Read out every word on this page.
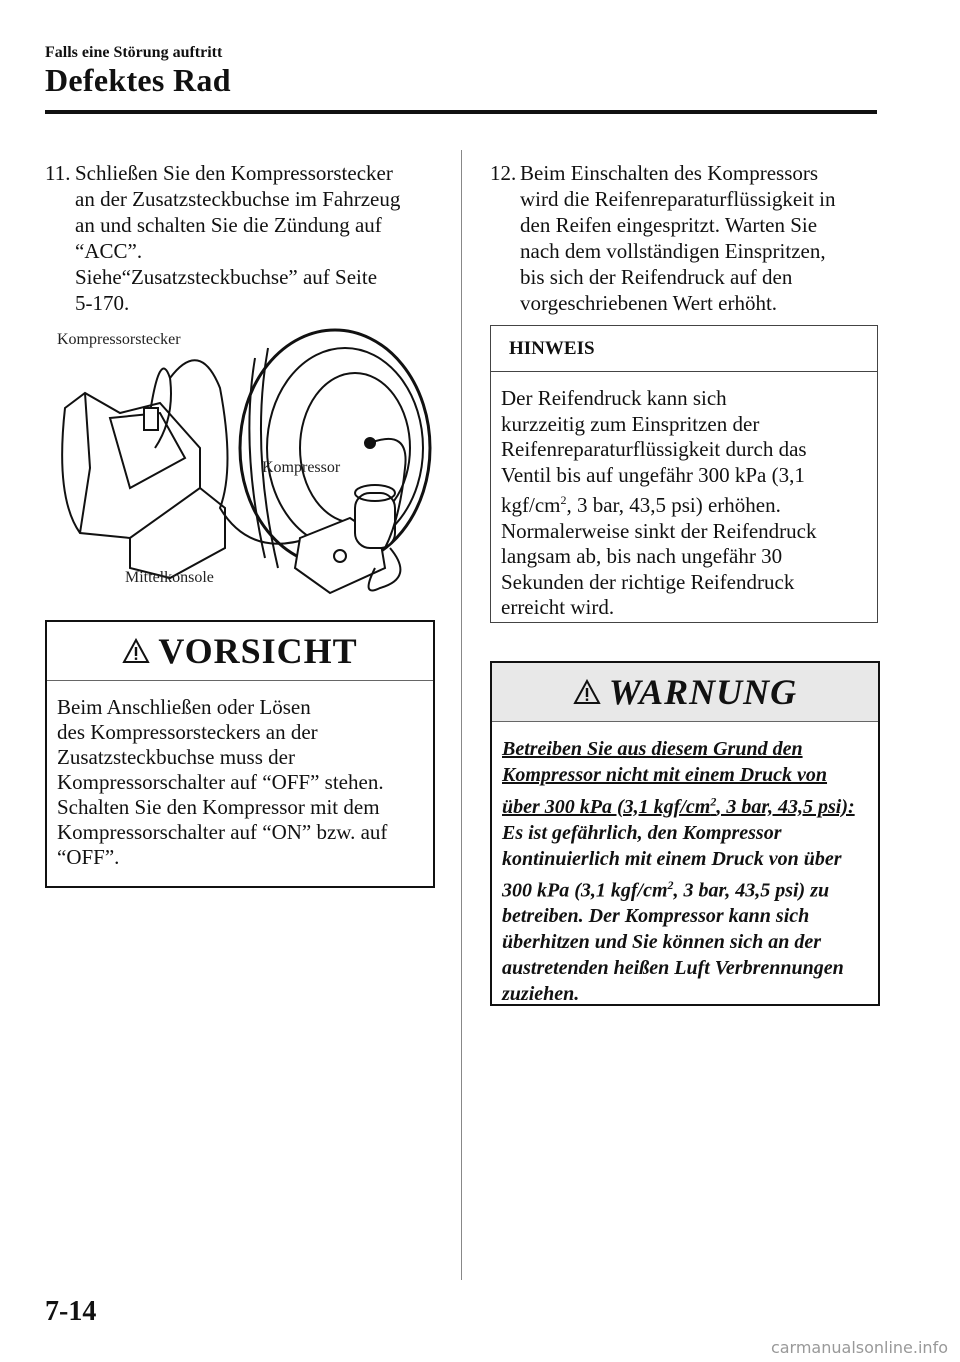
Falls eine Störung auftritt
Defektes Rad

11. Schließen Sie den Kompressorstecker

an der Zusatzsteckbuchse im Fahrzeug

an und schalten Sie die Zündung auf

“ACC”.

Siehe“Zusatzsteckbuchse” auf Seite

5-170.

Kompressorstecker
Kompressor
Mittelkonsole
VORSICHT
Beim Anschließen oder Lösen
des Kompressorsteckers an der
Zusatzsteckbuchse muss der
Kompressorschalter auf “OFF” stehen.
Schalten Sie den Kompressor mit dem
Kompressorschalter auf “ON” bzw. auf
“OFF”.

12. Beim Einschalten des Kompressors

wird die Reifenreparaturflüssigkeit in

den Reifen eingespritzt. Warten Sie

nach dem vollständigen Einspritzen,

bis sich der Reifendruck auf den

vorgeschriebenen Wert erhöht.

HINWEIS
Der Reifendruck kann sich
kurzzeitig zum Einspritzen der
Reifenreparaturflüssigkeit durch das
Ventil bis auf ungefähr 300 kPa (3,1
kgf/$cm^2$, 3 bar, 43,5 psi) erhöhen.
Normalerweise sinkt der Reifendruck
langsam ab, bis nach ungefähr 30
Sekunden der richtige Reifendruck
erreicht wird.
WARNUNG
Betreiben Sie aus diesem Grund den
Kompressor nicht mit einem Druck von
über 300 kPa (3,1 kgf/$cm^2$, 3 bar, 43,5 psi):
Es ist gefährlich, den Kompressor
kontinuierlich mit einem Druck von über
300 kPa (3,1 kgf/$cm^2$, 3 bar, 43,5 psi) zu
betreiben. Der Kompressor kann sich
überhitzen und Sie können sich an der
austretenden heißen Luft Verbrennungen
zuziehen.
7-14
carmanualsonline.info
